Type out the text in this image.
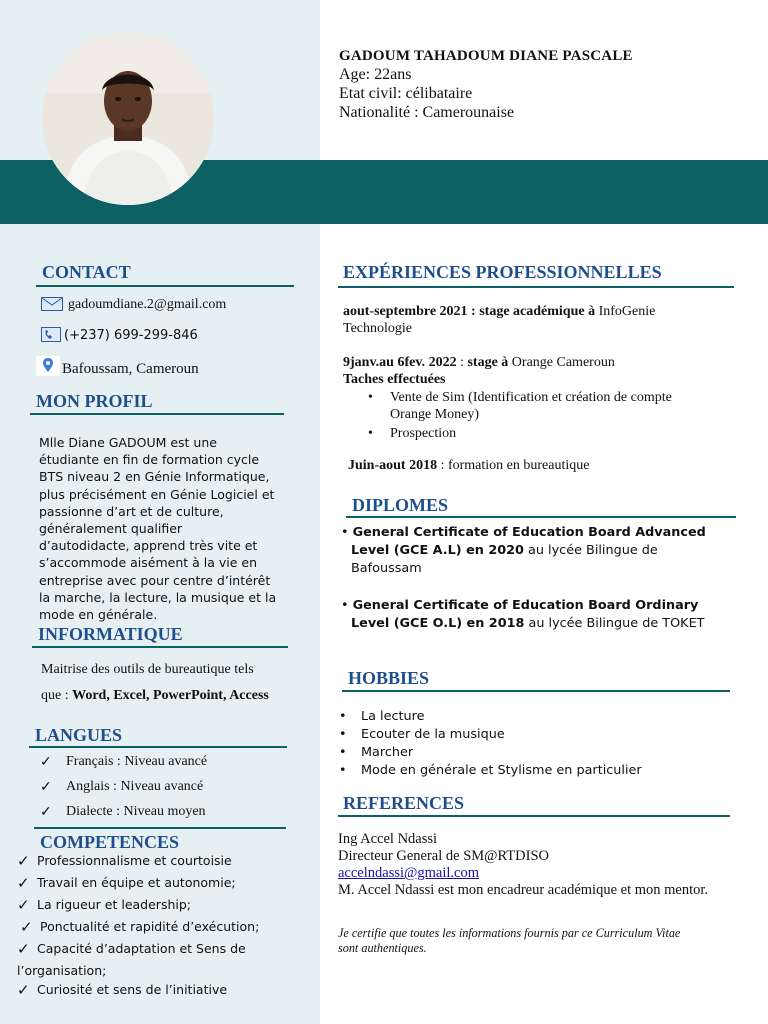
GADOUM TAHADOUM DIANE PASCALE
Age: 22ans
Etat civil: célibataire
Nationalité : Camerounaise
CONTACT
gadoumdiane.2@gmail.com
(+237) 699-299-846
Bafoussam, Cameroun
MON PROFIL
Mlle Diane GADOUM est une
étudiante en fin de formation cycle
BTS niveau 2 en Génie Informatique,
plus précisément en Génie Logiciel et
passionne d’art et de culture,
généralement qualifier
d’autodidacte, apprend très vite et
s’accommode aisément à la vie en
entreprise avec pour centre d’intérêt
la marche, la lecture, la musique et la
mode en générale.
INFORMATIQUE
Maitrise des outils de bureautique tels
que : Word, Excel, PowerPoint, Access
LANGUES
✓ Français : Niveau avancé
✓ Anglais : Niveau avancé
✓ Dialecte : Niveau moyen
COMPETENCES
✓ Professionnalisme et courtoisie
✓ Travail en équipe et autonomie;
✓ La rigueur et leadership;
✓ Ponctualité et rapidité d’exécution;
✓ Capacité d’adaptation et Sens de
l’organisation;
✓ Curiosité et sens de l’initiative
EXPÉRIENCES PROFESSIONNELLES
aout-septembre 2021 : stage académique à InfoGenie
Technologie
9janv.au 6fev. 2022 : stage à Orange Cameroun
Taches effectuées
• Vente de Sim (Identification et création de compte
Orange Money)
• Prospection
Juin-aout 2018 : formation en bureautique
DIPLOMES
• General Certificate of Education Board Advanced
Level (GCE A.L) en 2020 au lycée Bilingue de
Bafoussam
• General Certificate of Education Board Ordinary
Level (GCE O.L) en 2018 au lycée Bilingue de TOKET
HOBBIES
• La lecture
• Ecouter de la musique
• Marcher
• Mode en générale et Stylisme en particulier
REFERENCES
Ing Accel Ndassi
Directeur General de SM@RTDISO
accelndassi@gmail.com
M. Accel Ndassi est mon encadreur académique et mon mentor.
Je certifie que toutes les informations fournis par ce Curriculum Vitae
sont authentiques.
